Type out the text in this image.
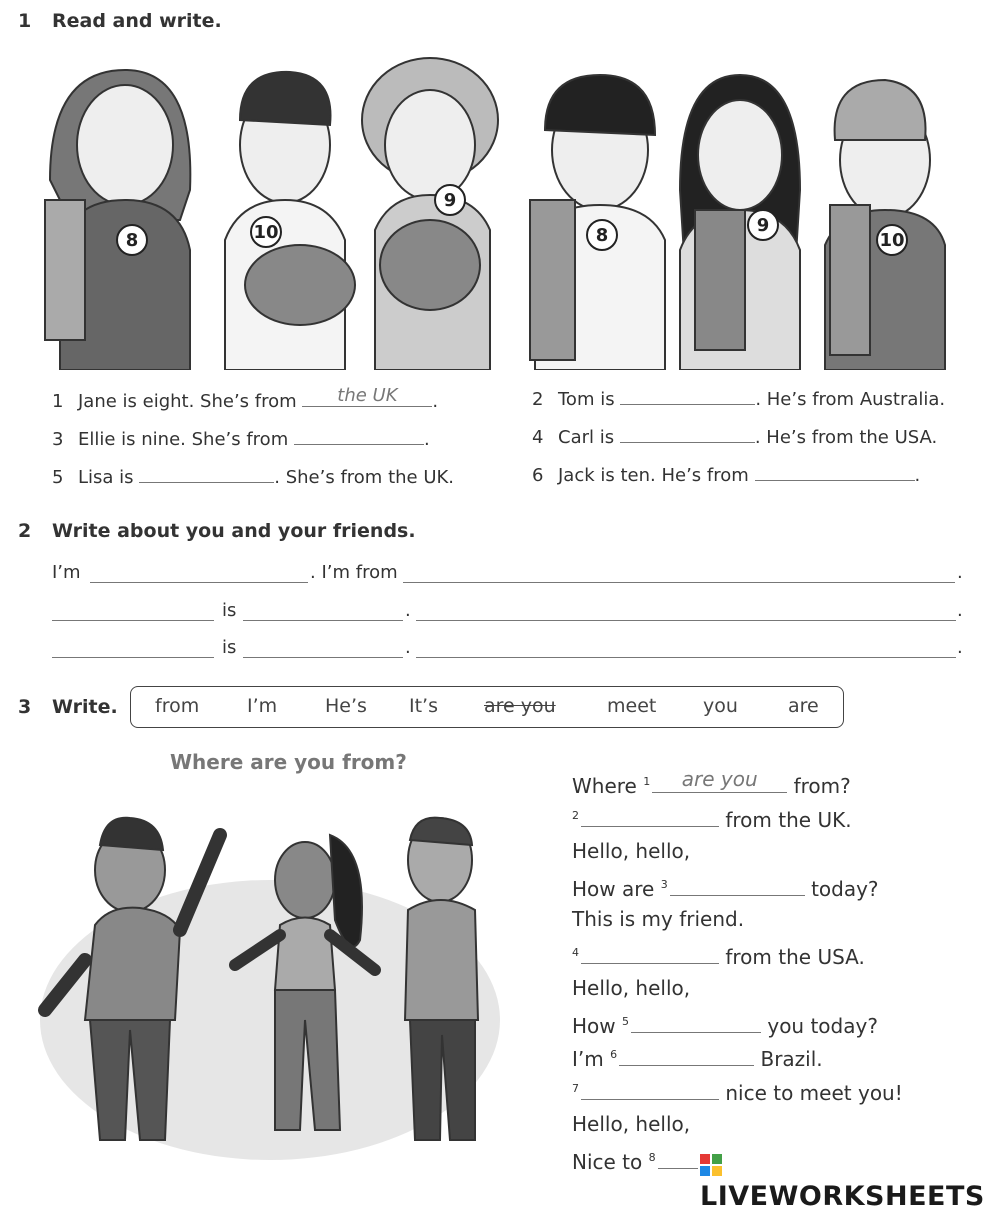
1 Read and write.
8	10
9
8	9
10
1 Jane is eight. She’s from	the UK	.	2 Tom is	. He’s from Australia.
3 Ellie is nine. She’s from	.	4 Carl is	. He’s from the USA.
5 Lisa is	. She’s from the UK.	6 Jack is ten. He’s from	.
2 Write about you and your friends.
I’m	. I’m from	.
is	.	.
is	.	.
3 Write. from	I’m	He’s It’s are you	meet you	are
Where are you from?
Where $^1$	are you	from?
$^2$	from the UK.
Hello, hello,
How are $^3$	today?
This is my friend.
$^4$	from the USA.
Hello, hello,
How $^5$	you today?
I’m $^6$	Brazil.
$^7$	nice to meet you!
Hello, hello,
Nice to $^8$
LIVEWORKSHEETS
